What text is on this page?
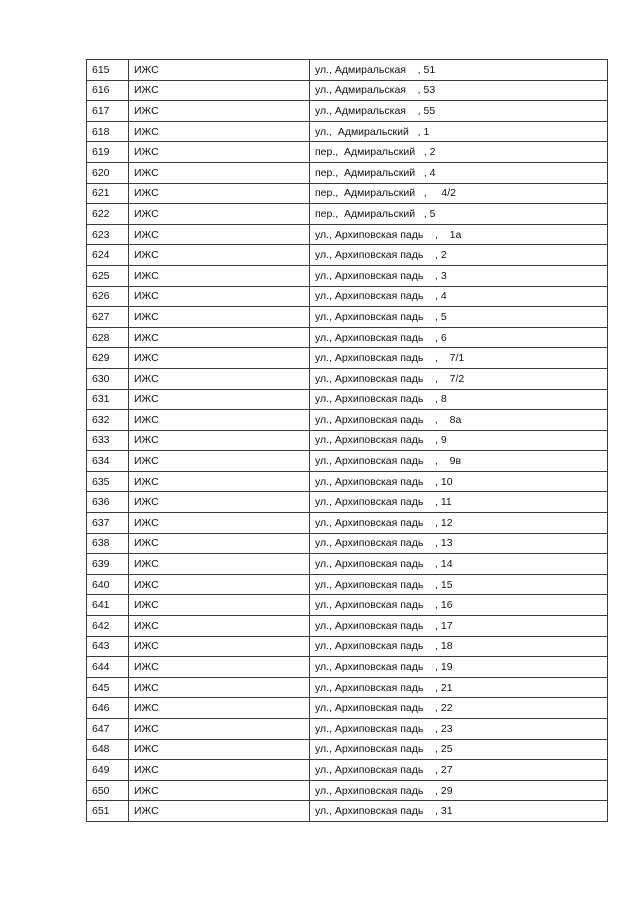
615	ИЖС	ул., Адмиральская    , 51
616	ИЖС	ул., Адмиральская    , 53
617	ИЖС	ул., Адмиральская    , 55
618	ИЖС	ул.,  Адмиральский   , 1
619	ИЖС	пер.,  Адмиральский   , 2
620	ИЖС	пер.,  Адмиральский   , 4
621	ИЖС	пер.,  Адмиральский   ,     4/2
622	ИЖС	пер.,  Адмиральский   , 5
623	ИЖС	ул., Архиповская падь    ,    1а
624	ИЖС	ул., Архиповская падь    , 2
625	ИЖС	ул., Архиповская падь    , 3
626	ИЖС	ул., Архиповская падь    , 4
627	ИЖС	ул., Архиповская падь    , 5
628	ИЖС	ул., Архиповская падь    , 6
629	ИЖС	ул., Архиповская падь    ,    7/1
630	ИЖС	ул., Архиповская падь    ,    7/2
631	ИЖС	ул., Архиповская падь    , 8
632	ИЖС	ул., Архиповская падь    ,    8а
633	ИЖС	ул., Архиповская падь    , 9
634	ИЖС	ул., Архиповская падь    ,    9в
635	ИЖС	ул., Архиповская падь    , 10
636	ИЖС	ул., Архиповская падь    , 11
637	ИЖС	ул., Архиповская падь    , 12
638	ИЖС	ул., Архиповская падь    , 13
639	ИЖС	ул., Архиповская падь    , 14
640	ИЖС	ул., Архиповская падь    , 15
641	ИЖС	ул., Архиповская падь    , 16
642	ИЖС	ул., Архиповская падь    , 17
643	ИЖС	ул., Архиповская падь    , 18
644	ИЖС	ул., Архиповская падь    , 19
645	ИЖС	ул., Архиповская падь    , 21
646	ИЖС	ул., Архиповская падь    , 22
647	ИЖС	ул., Архиповская падь    , 23
648	ИЖС	ул., Архиповская падь    , 25
649	ИЖС	ул., Архиповская падь    , 27
650	ИЖС	ул., Архиповская падь    , 29
651	ИЖС	ул., Архиповская падь    , 31
